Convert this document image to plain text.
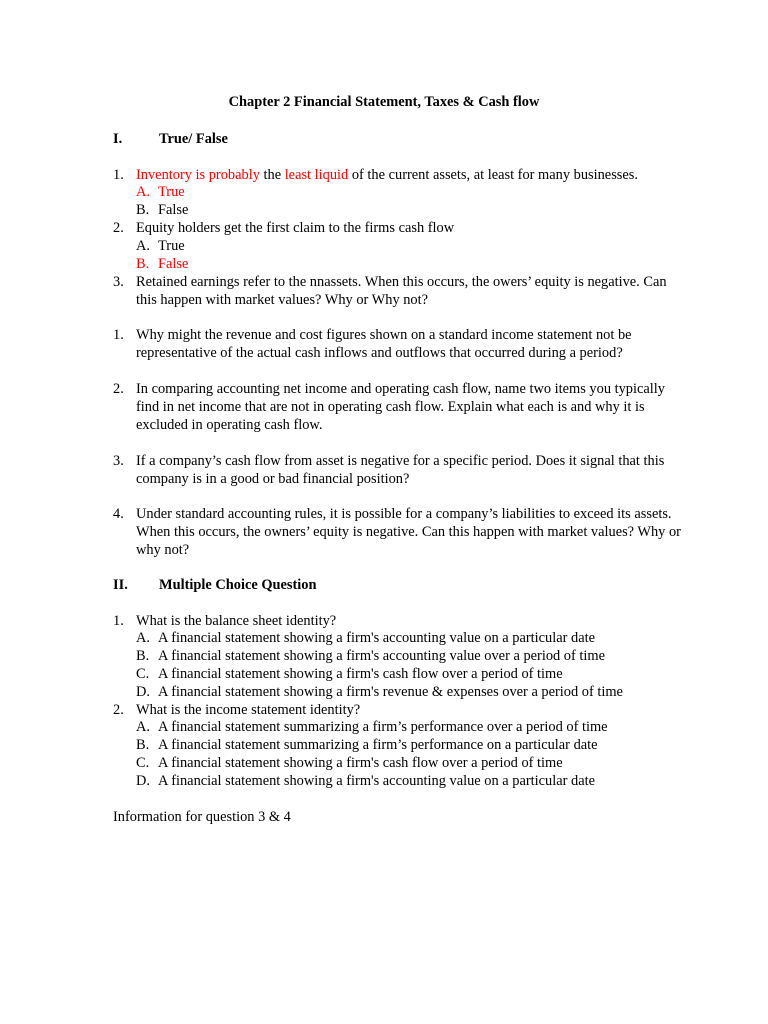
Chapter 2 Financial Statement, Taxes & Cash flow
I.	True/ False
1. Inventory is probably the least liquid of the current assets, at least for many businesses.
A. True
B. False
2. Equity holders get the first claim to the firms cash flow
A. True
B. False
3. Retained earnings refer to the nnassets. When this occurs, the owers’ equity is negative. Can this happen with market values? Why or Why not?
1. Why might the revenue and cost figures shown on a standard income statement not be representative of the actual cash inflows and outflows that occurred during a period?
2. In comparing accounting net income and operating cash flow, name two items you typically find in net income that are not in operating cash flow. Explain what each is and why it is excluded in operating cash flow.
3. If a company’s cash flow from asset is negative for a specific period. Does it signal that this company is in a good or bad financial position?
4. Under standard accounting rules, it is possible for a company’s liabilities to exceed its assets. When this occurs, the owners’ equity is negative. Can this happen with market values? Why or why not?
II. Multiple Choice Question
1. What is the balance sheet identity?
A. A financial statement showing a firm's accounting value on a particular date
B. A financial statement showing a firm's accounting value over a period of time
C. A financial statement showing a firm's cash flow over a period of time
D. A financial statement showing a firm's revenue & expenses over a period of time
2. What is the income statement identity?
A. A financial statement summarizing a firm’s performance over a period of time
B. A financial statement summarizing a firm’s performance on a particular date
C. A financial statement showing a firm's cash flow over a period of time
D. A financial statement showing a firm's accounting value on a particular date
Information for question 3 & 4
